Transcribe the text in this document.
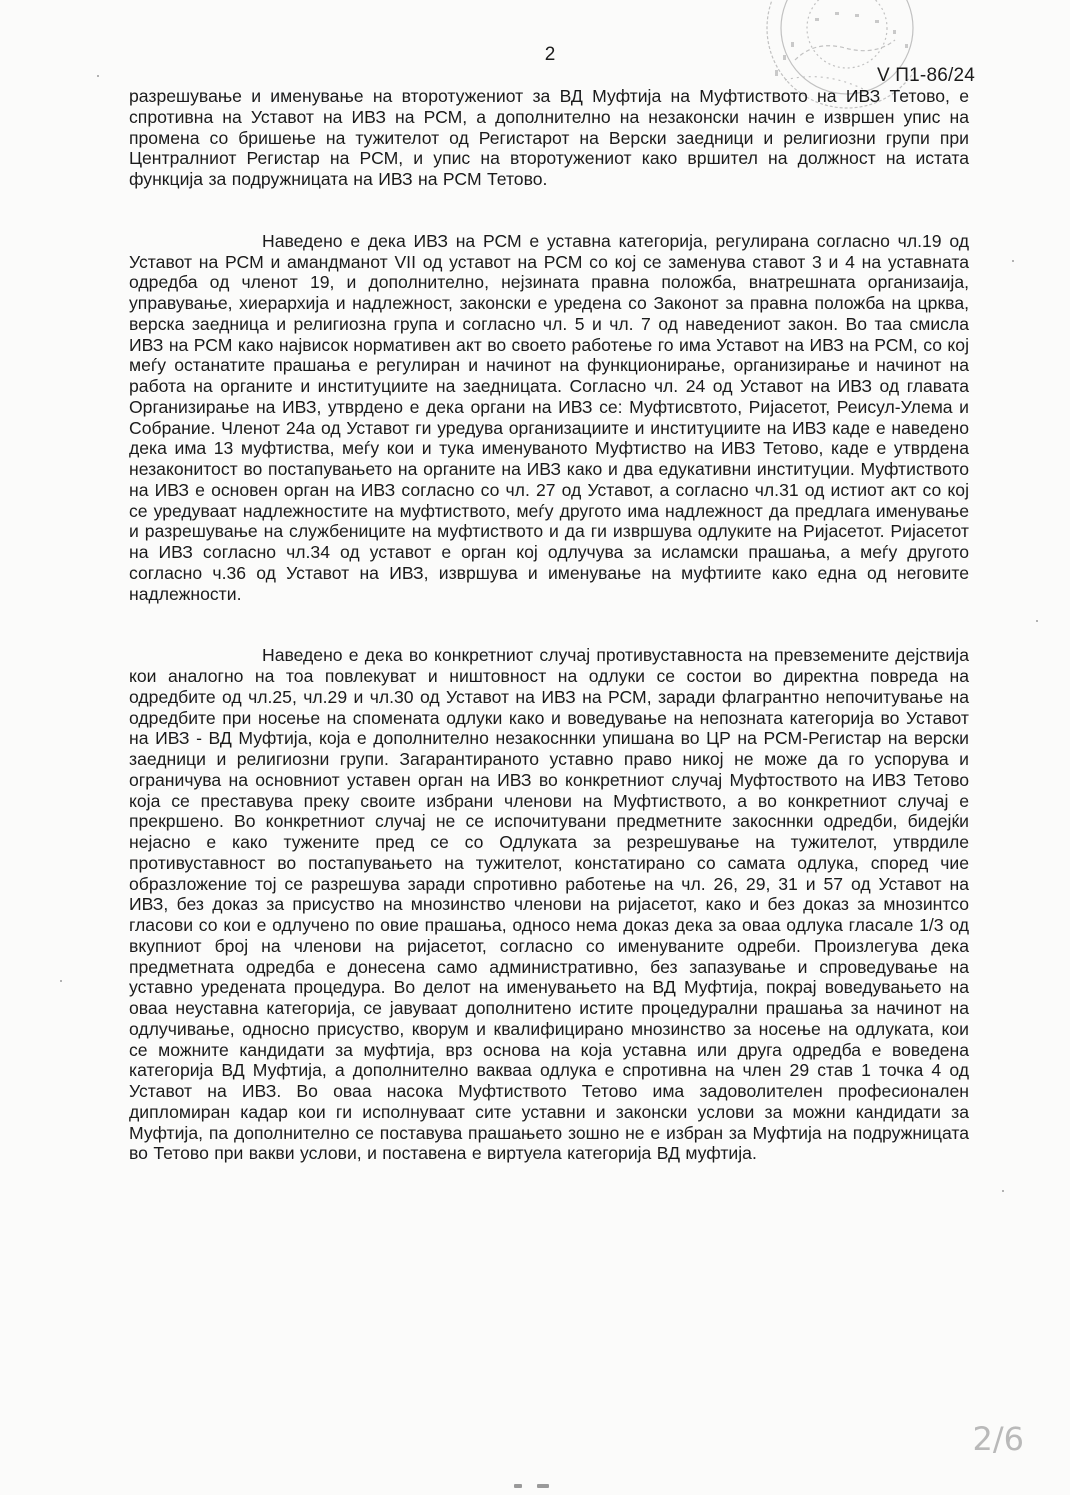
2
V П1-86/24

разрешување и именување на второтужениот за ВД Муфтија на Муфтиството на ИВЗ Тетово, е спротивна на Уставот на ИВЗ на РСМ, а дополнително на незаконски начин е извршен упис на промена со бришење на тужителот од Регистарот на Верски заедници и религиозни групи при Централниот Регистар на РСМ, и упис на второтужениот како вршител на должност на истата функција за подружницата на ИВЗ на РСМ Тетово.

Наведено е дека ИВЗ на РСМ е уставна категорија, регулирана согласно чл.19 од Уставот на РСМ и амандманот VII од уставот на РСМ со кој се заменува ставот 3 и 4 на уставната одредба од членот 19, и дополнително, нејзината правна положба, внатрешната организаија, управување, хиерархија и надлежност, законски е уредена со Законот за правна положба на црква, верска заедница и религиозна група и согласно чл. 5 и чл. 7 од наведениот закон. Во таа смисла ИВЗ на РСМ како највисок нормативен акт во своето работење го има Уставот на ИВЗ на РСМ, со кој меѓу останатите прашања е регулиран и начинот на функционирање, организирање и начинот на работа на органите и институциите на заедницата. Согласно чл. 24 од Уставот на ИВЗ од главата Организирање на ИВЗ, утврдено е дека органи на ИВЗ се: Муфтисвтото, Ријасетот, Реисул-Улема и Собрание. Членот 24а од Уставот ги уредува организациите и институциите на ИВЗ каде е наведено дека има 13 муфтиства, меѓу кои и тука именуваното Муфтиство на ИВЗ Тетово, каде е утврдена незаконитост во постапувањето на органите на ИВЗ како и два едукативни институции. Муфтиството на ИВЗ е основен орган на ИВЗ согласно со чл. 27 од Уставот, а согласно чл.31 од истиот акт со кој се уредуваат надлежностите на муфтиството, меѓу другото има надлежност да предлага именување и разрешување на службениците на муфтиството и да ги извршува одлуките на Ријасетот. Ријасетот на ИВЗ согласно чл.34 од уставот е орган кој одлучува за исламски прашања, а меѓу другото согласно ч.36 од Уставот на ИВЗ, извршува и именување на муфтиите како една од неговите надлежности.

Наведено е дека во конкретниот случај противуставноста на превземените дејствија кои аналогно на тоа повлекуват и ништовност на одлуки се состои во директна повреда на одредбите од чл.25, чл.29 и чл.30 од Уставот на ИВЗ на РСМ, заради флагрантно непочитување на одредбите при носење на спомената одлуки како и воведување на непозната категорија во Уставот на ИВЗ - ВД Муфтија, која е дополнително незакосннки упишана во ЦР на РСМ-Регистар на верски заедници и религиозни групи. Загарантираното уставно право никој не може да го успорува и ограничува на основниот уставен орган на ИВЗ во конкретниот случај Муфтоството на ИВЗ Тетово која се преставува преку своите избрани членови на Муфтиството, а во конкретниот случај е прекршено. Во конкретниот случај не се испочитувани предметните закосннки одредби, бидејќи нејасно е како тужените пред се со Одлуката за резрешување на тужителот, утврдиле противуставност во постапувањето на тужителот, констатирано со самата одлука, според чие образложение тој се разрешува заради спротивно работење на чл. 26, 29, 31 и 57 од Уставот на ИВЗ, без доказ за присуство на мнозинство членови на ријасетот, како и без доказ за мнозинтсо гласови со кои е одлучено по овие прашања, односо нема доказ дека за оваа одлука гласале 1/3 од вкупниот број на членови на ријасетот, согласно со именуваните одреби. Произлегува дека предметната одредба е донесена само административно, без запазување и спроведување на уставно уредената процедура. Во делот на именувањето на ВД Муфтија, покрај воведувањето на оваа неуставна категорија, се јавуваат дополнитено истите процедурални прашања за начинот на одлучивање, односно присуство, кворум и квалифицирано мнозинство за носење на одлуката, кои се можните кандидати за муфтија, врз основа на која уставна или друга одредба е воведена категорија ВД Муфтија, а дополнително вакваа одлука е спротивна на член 29 став 1 точка 4 од Уставот на ИВЗ. Во оваа насока Муфтиството Тетово има задоволителен професионален дипломиран кадар кои ги исполнуваат сите уставни и законски услови за можни кандидати за Муфтија, па дополнително се поставува прашањето зошно не е избран за Муфтија на подружницата во Тетово при вакви услови, и поставена е виртуела категорија ВД муфтија.

2/6
